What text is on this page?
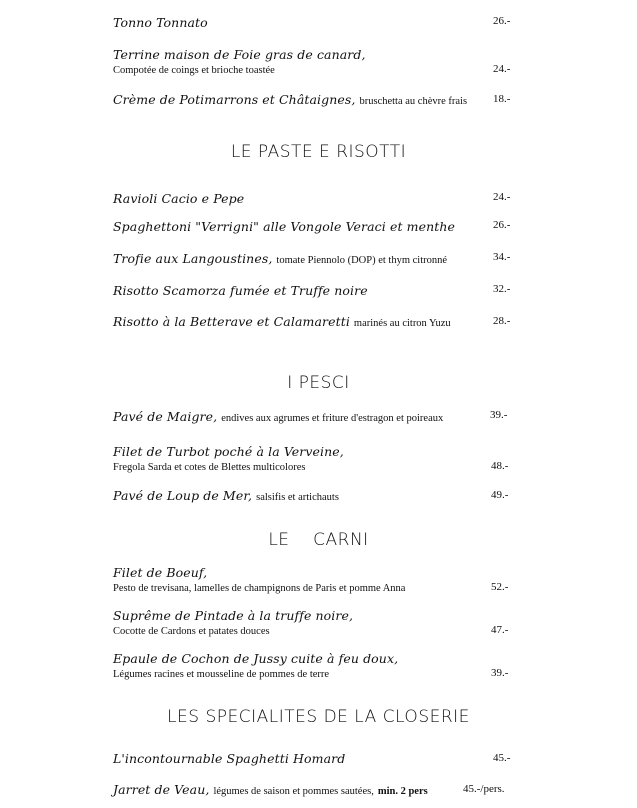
Tonno Tonnato	26.-
Terrine maison de Foie gras de canard,
Compotée de coings et brioche toastée	24.-
Crème de Potimarrons et Châtaignes, bruschetta au chèvre frais	18.-
LE PASTE E RISOTTI
Ravioli Cacio e Pepe	24.-
Spaghettoni "Verrigni" alle Vongole Veraci et menthe	26.-
Trofie aux Langoustines, tomate Piennolo (DOP) et thym citronné	34.-
Risotto Scamorza fumée et Truffe noire	32.-
Risotto à la Betterave et Calamaretti marinés au citron Yuzu	28.-
I PESCI
Pavé de Maigre, endives aux agrumes et friture d'estragon et poireaux	39.-
Filet de Turbot poché à la Verveine,
Fregola Sarda et cotes de Blettes multicolores	48.-
Pavé de Loup de Mer, salsifis et artichauts	49.-
LE    CARNI
Filet de Boeuf,
Pesto de trevisana, lamelles de champignons de Paris et pomme Anna	52.-
Suprême de Pintade à la truffe noire,
Cocotte de Cardons et patates douces	47.-
Epaule de Cochon de Jussy cuite à feu doux,
Légumes racines et mousseline de pommes de terre	39.-
LES SPECIALITES DE LA CLOSERIE
L'incontournable Spaghetti Homard	45.-
Jarret de Veau, légumes de saison et pommes sautées, min. 2 pers	45.-/pers.
